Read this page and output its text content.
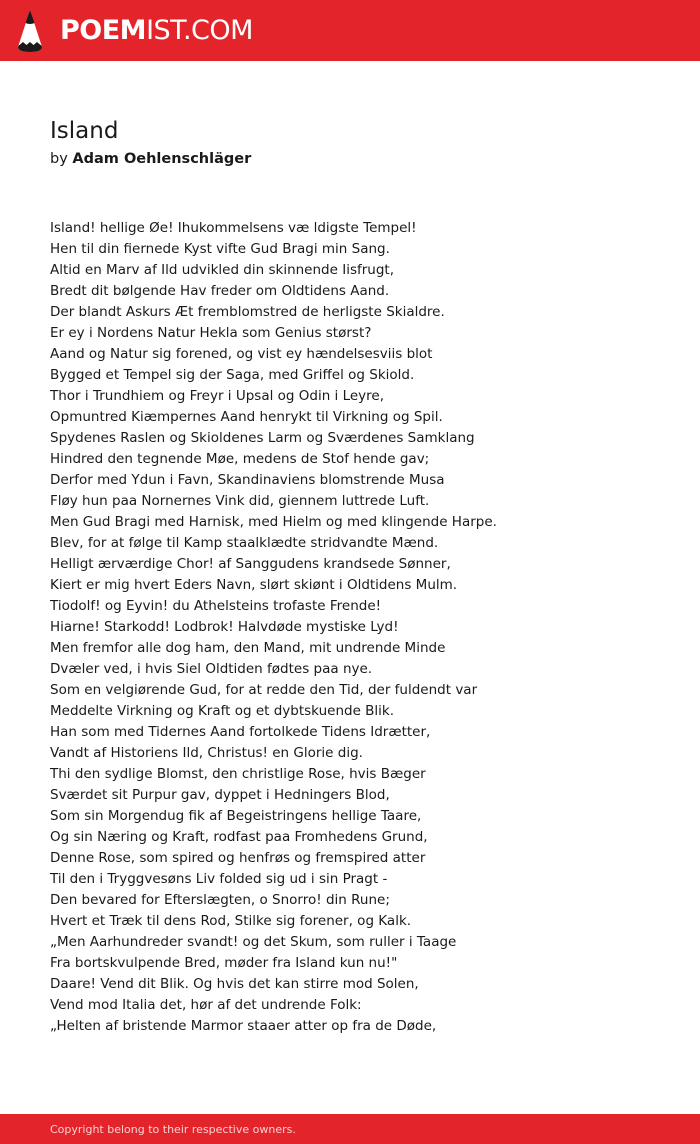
POEMIST.COM
Island
by Adam Oehlenschläger
Island! hellige Øe! Ihukommelsens væ ldigste Tempel!
Hen til din fiernede Kyst vifte Gud Bragi min Sang.
Altid en Marv af Ild udvikled din skinnende Iisfrugt,
Bredt dit bølgende Hav freder om Oldtidens Aand.
Der blandt Askurs Æt fremblomstred de herligste Skialdre.
Er ey i Nordens Natur Hekla som Genius størst?
Aand og Natur sig forened, og vist ey hændelsesviis blot
Bygged et Tempel sig der Saga, med Griffel og Skiold.
Thor i Trundhiem og Freyr i Upsal og Odin i Leyre,
Opmuntred Kiæmpernes Aand henrykt til Virkning og Spil.
Spydenes Raslen og Skioldenes Larm og Sværdenes Samklang
Hindred den tegnende Møe, medens de Stof hende gav;
Derfor med Ydun i Favn, Skandinaviens blomstrende Musa
Fløy hun paa Nornernes Vink did, giennem luttrede Luft.
Men Gud Bragi med Harnisk, med Hielm og med klingende Harpe.
Blev, for at følge til Kamp staalklædte stridvandte Mænd.
Helligt ærværdige Chor! af Sanggudens krandsede Sønner,
Kiert er mig hvert Eders Navn, slørt skiønt i Oldtidens Mulm.
Tiodolf! og Eyvin! du Athelsteins trofaste Frende!
Hiarne! Starkodd! Lodbrok! Halvdøde mystiske Lyd!
Men fremfor alle dog ham, den Mand, mit undrende Minde
Dvæler ved, i hvis Siel Oldtiden fødtes paa nye.
Som en velgiørende Gud, for at redde den Tid, der fuldendt var
Meddelte Virkning og Kraft og et dybtskuende Blik.
Han som med Tidernes Aand fortolkede Tidens Idrætter,
Vandt af Historiens Ild, Christus! en Glorie dig.
Thi den sydlige Blomst, den christlige Rose, hvis Bæger
Sværdet sit Purpur gav, dyppet i Hedningers Blod,
Som sin Morgendug fik af Begeistringens hellige Taare,
Og sin Næring og Kraft, rodfast paa Fromhedens Grund,
Denne Rose, som spired og henfrøs og fremspired atter
Til den i Tryggvesøns Liv folded sig ud i sin Pragt -
Den bevared for Efterslægten, o Snorro! din Rune;
Hvert et Træk til dens Rod, Stilke sig forener, og Kalk.
„Men Aarhundreder svandt! og det Skum, som ruller i Taage
Fra bortskvulpende Bred, møder fra Island kun nu!"
Daare! Vend dit Blik. Og hvis det kan stirre mod Solen,
Vend mod Italia det, hør af det undrende Folk:
„Helten af bristende Marmor staaer atter op fra de Døde,
Copyright belong to their respective owners.
